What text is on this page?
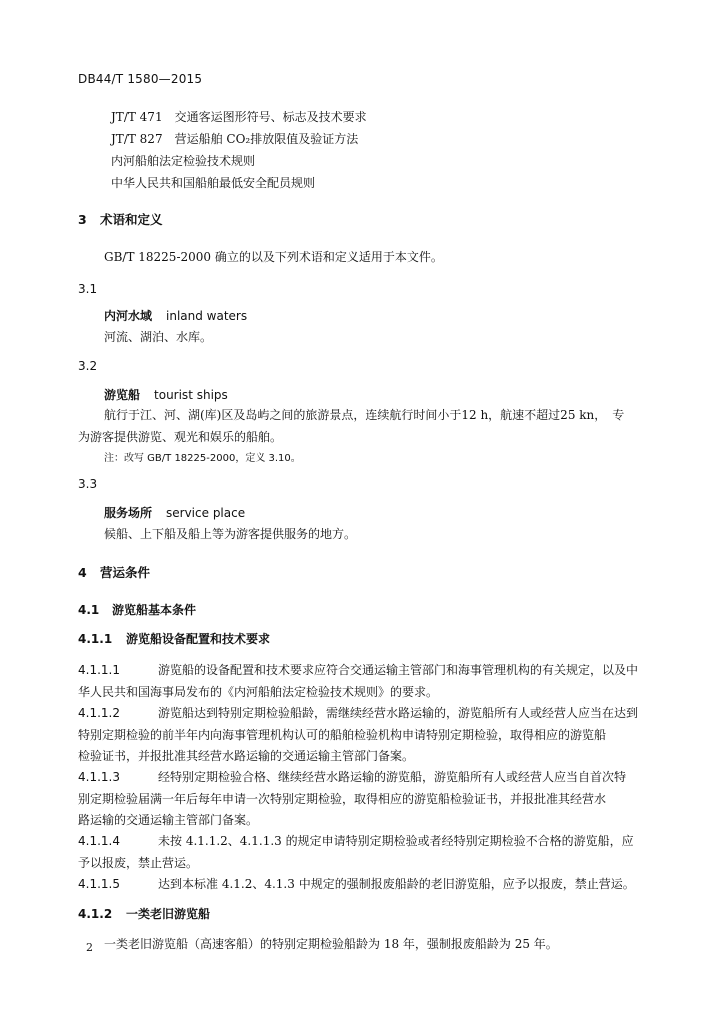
DB44/T 1580—2015
JT/T 471　交通客运图形符号、标志及技术要求
JT/T 827　营运船舶 CO₂排放限值及验证方法
内河船舶法定检验技术规则
中华人民共和国船舶最低安全配员规则
3 术语和定义
GB/T 18225-2000 确立的以及下列术语和定义适用于本文件。
3.1
内河水域 inland waters
河流、湖泊、水库。
3.2
游览船 tourist ships
航行于江、河、湖(库)区及岛屿之间的旅游景点，连续航行时间小于12 h，航速不超过25 kn，　专
为游客提供游览、观光和娱乐的船舶。
注：改写 GB/T 18225-2000，定义 3.10。
3.3
服务场所 service place
候船、上下船及船上等为游客提供服务的地方。
4 营运条件
4.1 游览船基本条件
4.1.1 游览船设备配置和技术要求
4.1.1.1	游览船的设备配置和技术要求应符合交通运输主管部门和海事管理机构的有关规定，以及中
华人民共和国海事局发布的《内河船舶法定检验技术规则》的要求。
4.1.1.2	游览船达到特别定期检验船龄，需继续经营水路运输的，游览船所有人或经营人应当在达到
特别定期检验的前半年内向海事管理机构认可的船舶检验机构申请特别定期检验，取得相应的游览船
检验证书，并报批准其经营水路运输的交通运输主管部门备案。
4.1.1.3	经特别定期检验合格、继续经营水路运输的游览船，游览船所有人或经营人应当自首次特
别定期检验届满一年后每年申请一次特别定期检验，取得相应的游览船检验证书，并报批准其经营水
路运输的交通运输主管部门备案。
4.1.1.4	未按 4.1.1.2、4.1.1.3 的规定申请特别定期检验或者经特别定期检验不合格的游览船，应
予以报废，禁止营运。
4.1.1.5	达到本标准 4.1.2、4.1.3 中规定的强制报废船龄的老旧游览船，应予以报废，禁止营运。
4.1.2 一类老旧游览船
一类老旧游览船（高速客船）的特别定期检验船龄为 18 年，强制报废船龄为 25 年。
2
